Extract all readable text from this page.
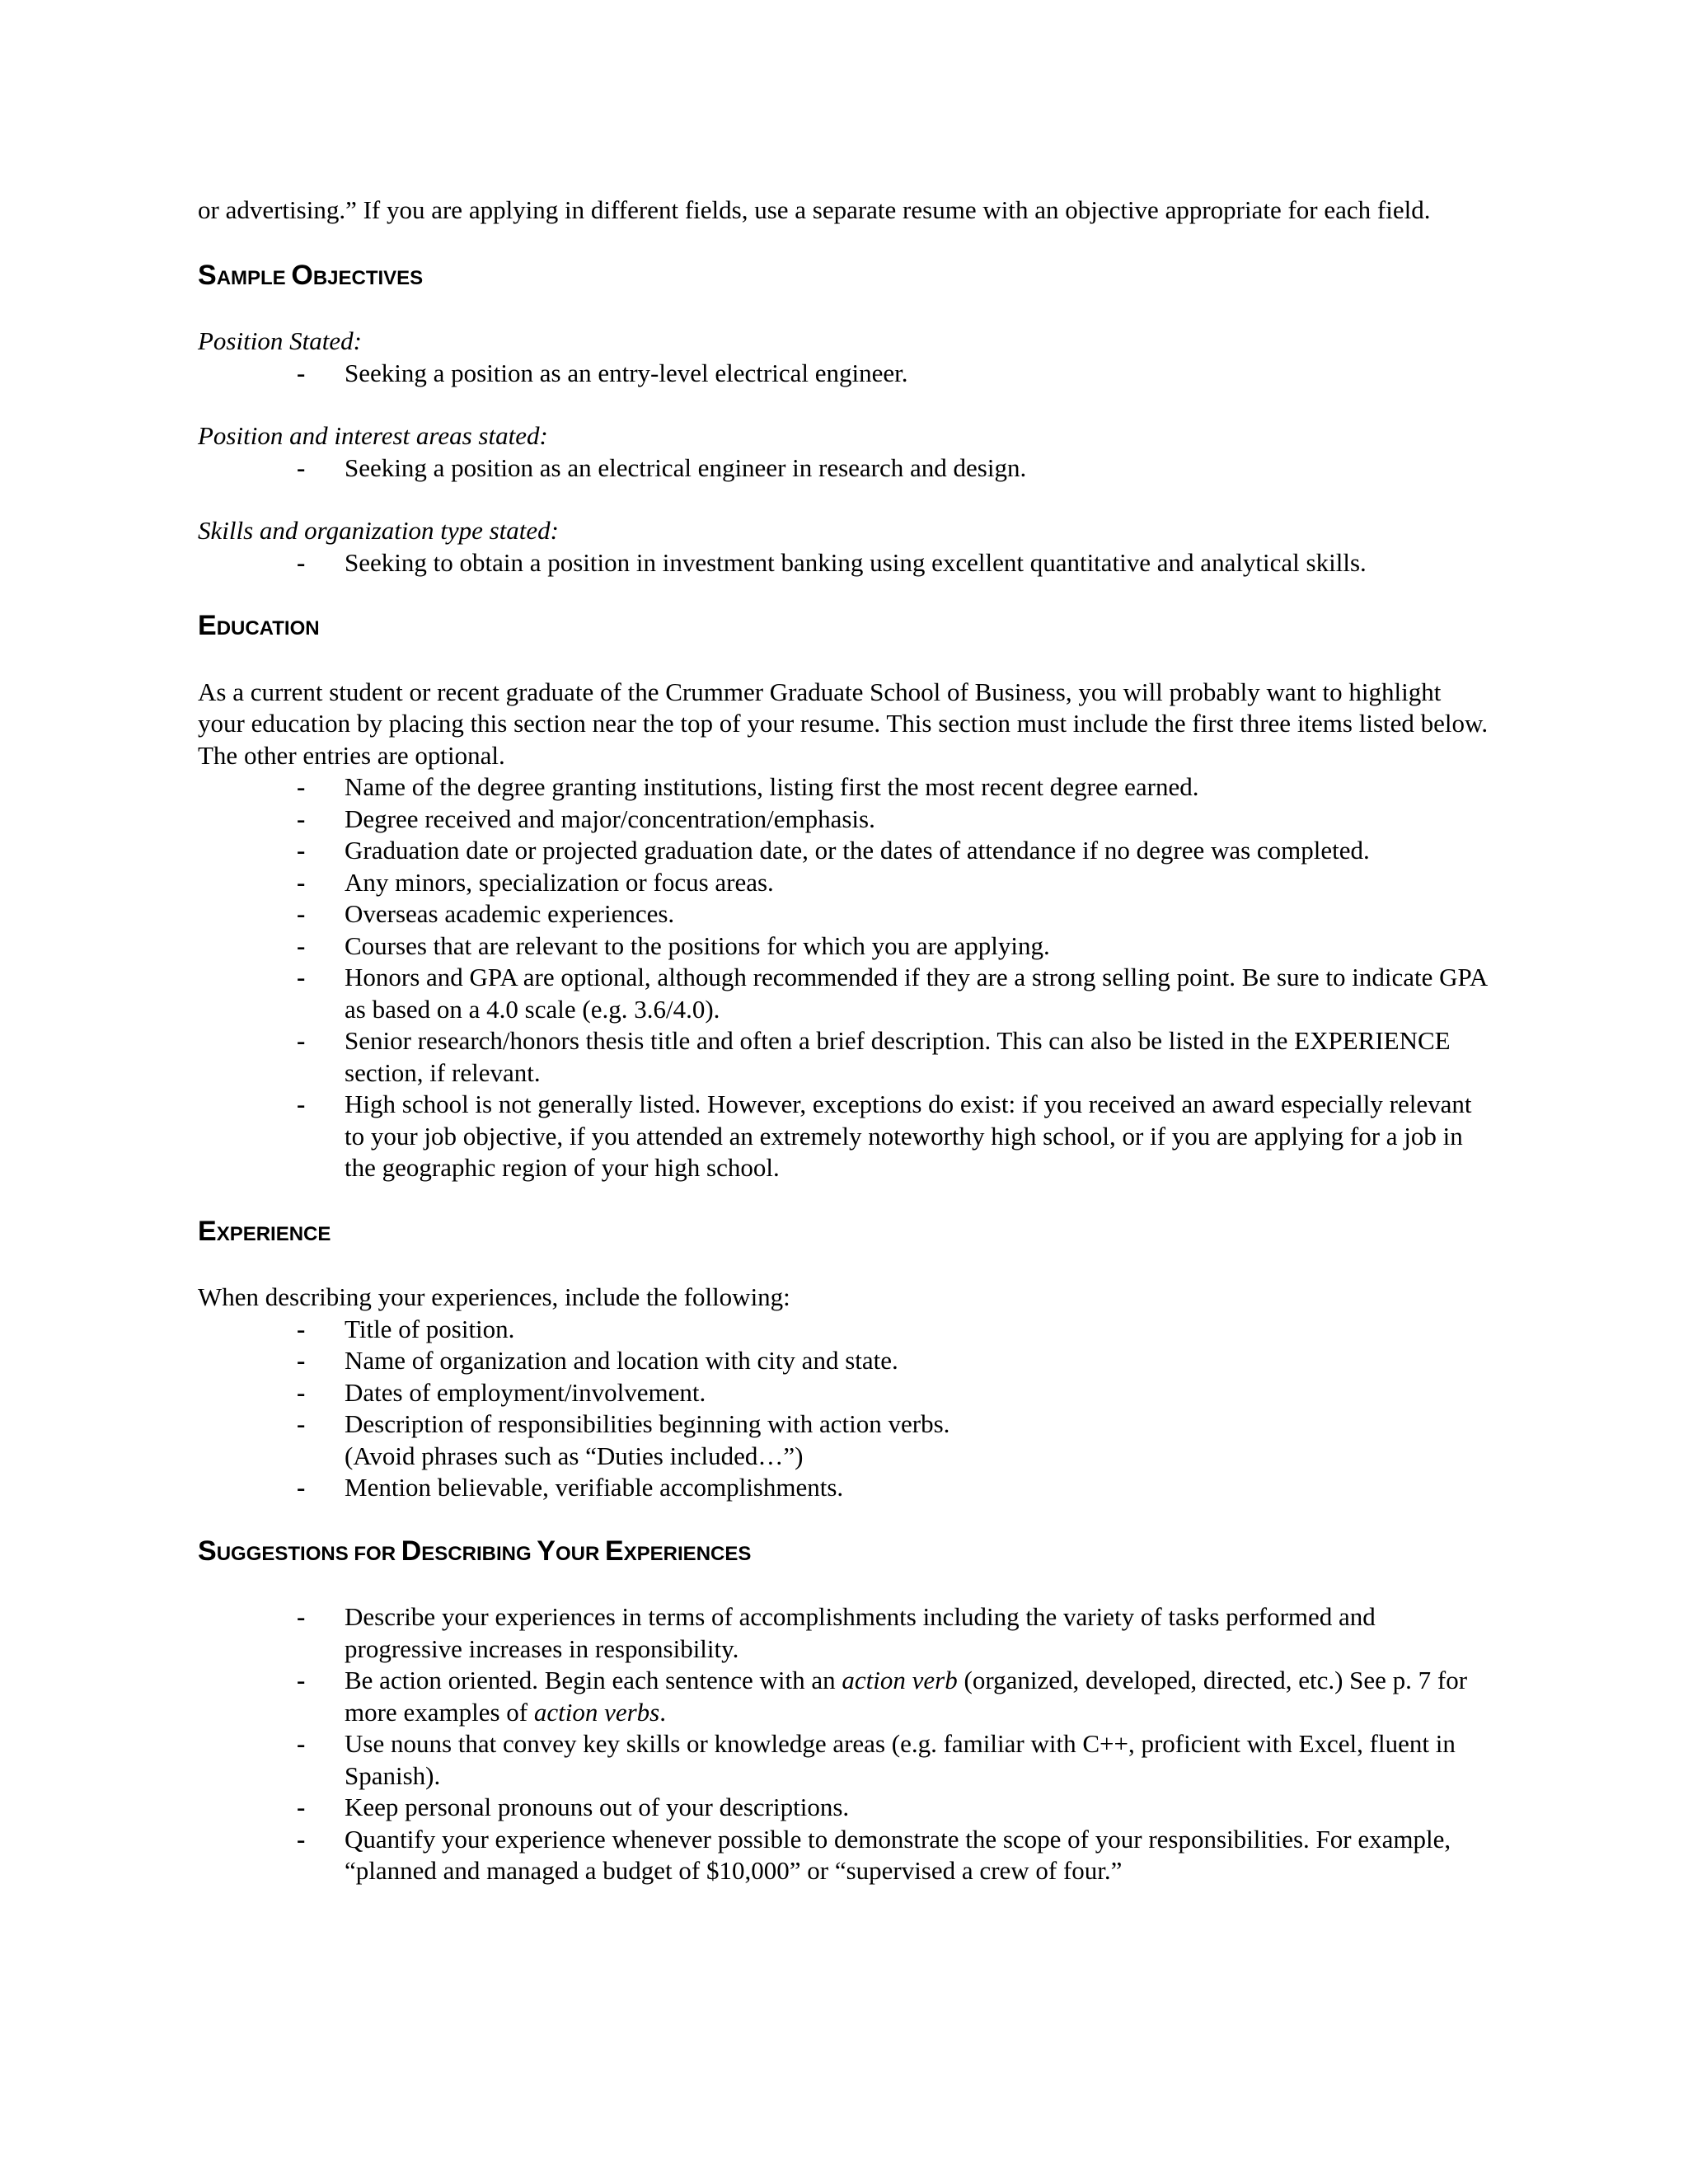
or advertising.” If you are applying in different fields, use a separate resume with an objective appropriate for each field.

SAMPLE OBJECTIVES

Position Stated:

- Seeking a position as an entry-level electrical engineer.

Position and interest areas stated:

- Seeking a position as an electrical engineer in research and design.

Skills and organization type stated:

- Seeking to obtain a position in investment banking using excellent quantitative and analytical skills.
EDUCATION

As a current student or recent graduate of the Crummer Graduate School of Business, you will probably want to highlight your education by placing this section near the top of your resume. This section must include the first three items listed below. The other entries are optional.

- Name of the degree granting institutions, listing first the most recent degree earned.
- Degree received and major/concentration/emphasis.
- Graduation date or projected graduation date, or the dates of attendance if no degree was completed.
- Any minors, specialization or focus areas.
- Overseas academic experiences.
- Courses that are relevant to the positions for which you are applying.
- Honors and GPA are optional, although recommended if they are a strong selling point. Be sure to indicate GPA as based on a 4.0 scale (e.g. 3.6/4.0).
- Senior research/honors thesis title and often a brief description. This can also be listed in the EXPERIENCE section, if relevant.
- High school is not generally listed. However, exceptions do exist: if you received an award especially relevant to your job objective, if you attended an extremely noteworthy high school, or if you are applying for a job in the geographic region of your high school.
EXPERIENCE

When describing your experiences, include the following:

- Title of position.
- Name of organization and location with city and state.
- Dates of employment/involvement.
- Description of responsibilities beginning with action verbs.
(Avoid phrases such as “Duties included…”)
- Mention believable, verifiable accomplishments.
SUGGESTIONS FOR DESCRIBING YOUR EXPERIENCES
- Describe your experiences in terms of accomplishments including the variety of tasks performed and progressive increases in responsibility.
- Be action oriented. Begin each sentence with an action verb (organized, developed, directed, etc.) See p. 7 for more examples of action verbs.
- Use nouns that convey key skills or knowledge areas (e.g. familiar with C++, proficient with Excel, fluent in Spanish).
- Keep personal pronouns out of your descriptions.
- Quantify your experience whenever possible to demonstrate the scope of your responsibilities. For example, “planned and managed a budget of $10,000” or “supervised a crew of four.”
